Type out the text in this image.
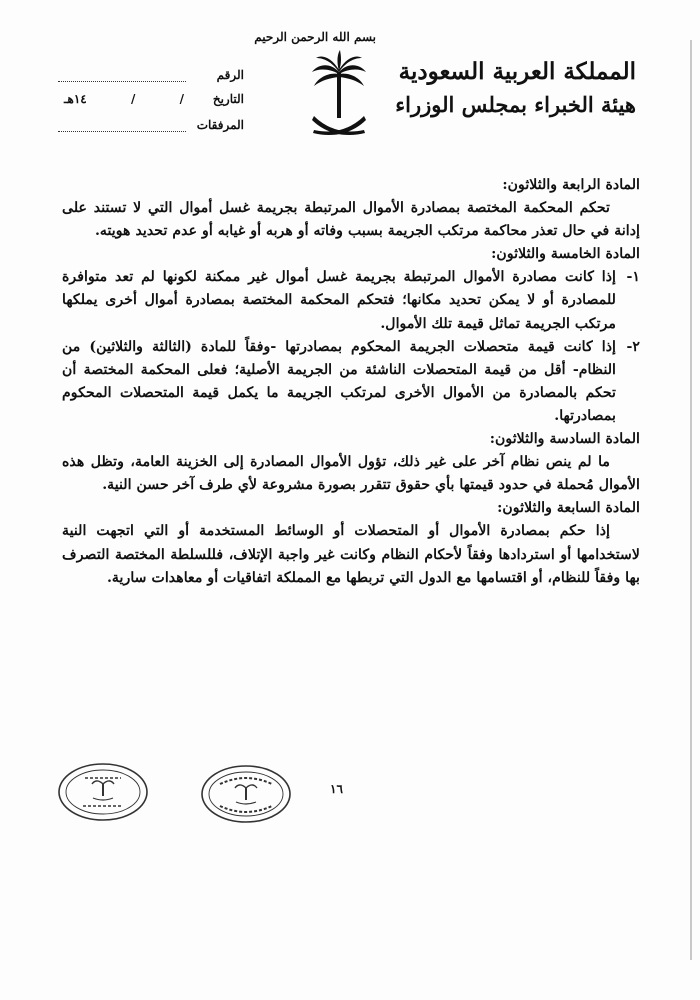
بسم الله الرحمن الرحيم
المملكة العربية السعودية
هيئة الخبراء بمجلس الوزراء
الرقم
التاريخ
/
/
١٤هـ
المرفقات

المادة الرابعة والثلاثون:

تحكم المحكمة المختصة بمصادرة الأموال المرتبطة بجريمة غسل أموال التي لا تستند على إدانة في حال تعذر محاكمة مرتكب الجريمة بسبب وفاته أو هربه أو غيابه أو عدم تحديد هويته.

المادة الخامسة والثلاثون:

١-
إذا كانت مصادرة الأموال المرتبطة بجريمة غسل أموال غير ممكنة لكونها لم تعد متوافرة للمصادرة أو لا يمكن تحديد مكانها؛ فتحكم المحكمة المختصة بمصادرة أموال أخرى يملكها مرتكب الجريمة تماثل قيمة تلك الأموال.
٢-
إذا كانت قيمة متحصلات الجريمة المحكوم بمصادرتها -وفقاً للمادة (الثالثة والثلاثين) من النظام- أقل من قيمة المتحصلات الناشئة من الجريمة الأصلية؛ فعلى المحكمة المختصة أن تحكم بالمصادرة من الأموال الأخرى لمرتكب الجريمة ما يكمل قيمة المتحصلات المحكوم بمصادرتها.

المادة السادسة والثلاثون:

ما لم ينص نظام آخر على غير ذلك، تؤول الأموال المصادرة إلى الخزينة العامة، وتظل هذه الأموال مُحملة في حدود قيمتها بأي حقوق تتقرر بصورة مشروعة لأي طرف آخر حسن النية.

المادة السابعة والثلاثون:

إذا حكم بمصادرة الأموال أو المتحصلات أو الوسائط المستخدمة أو التي اتجهت النية لاستخدامها أو استردادها وفقاً لأحكام النظام وكانت غير واجبة الإتلاف، فللسلطة المختصة التصرف بها وفقاً للنظام، أو اقتسامها مع الدول التي تربطها مع المملكة اتفاقيات أو معاهدات سارية.

١٦
